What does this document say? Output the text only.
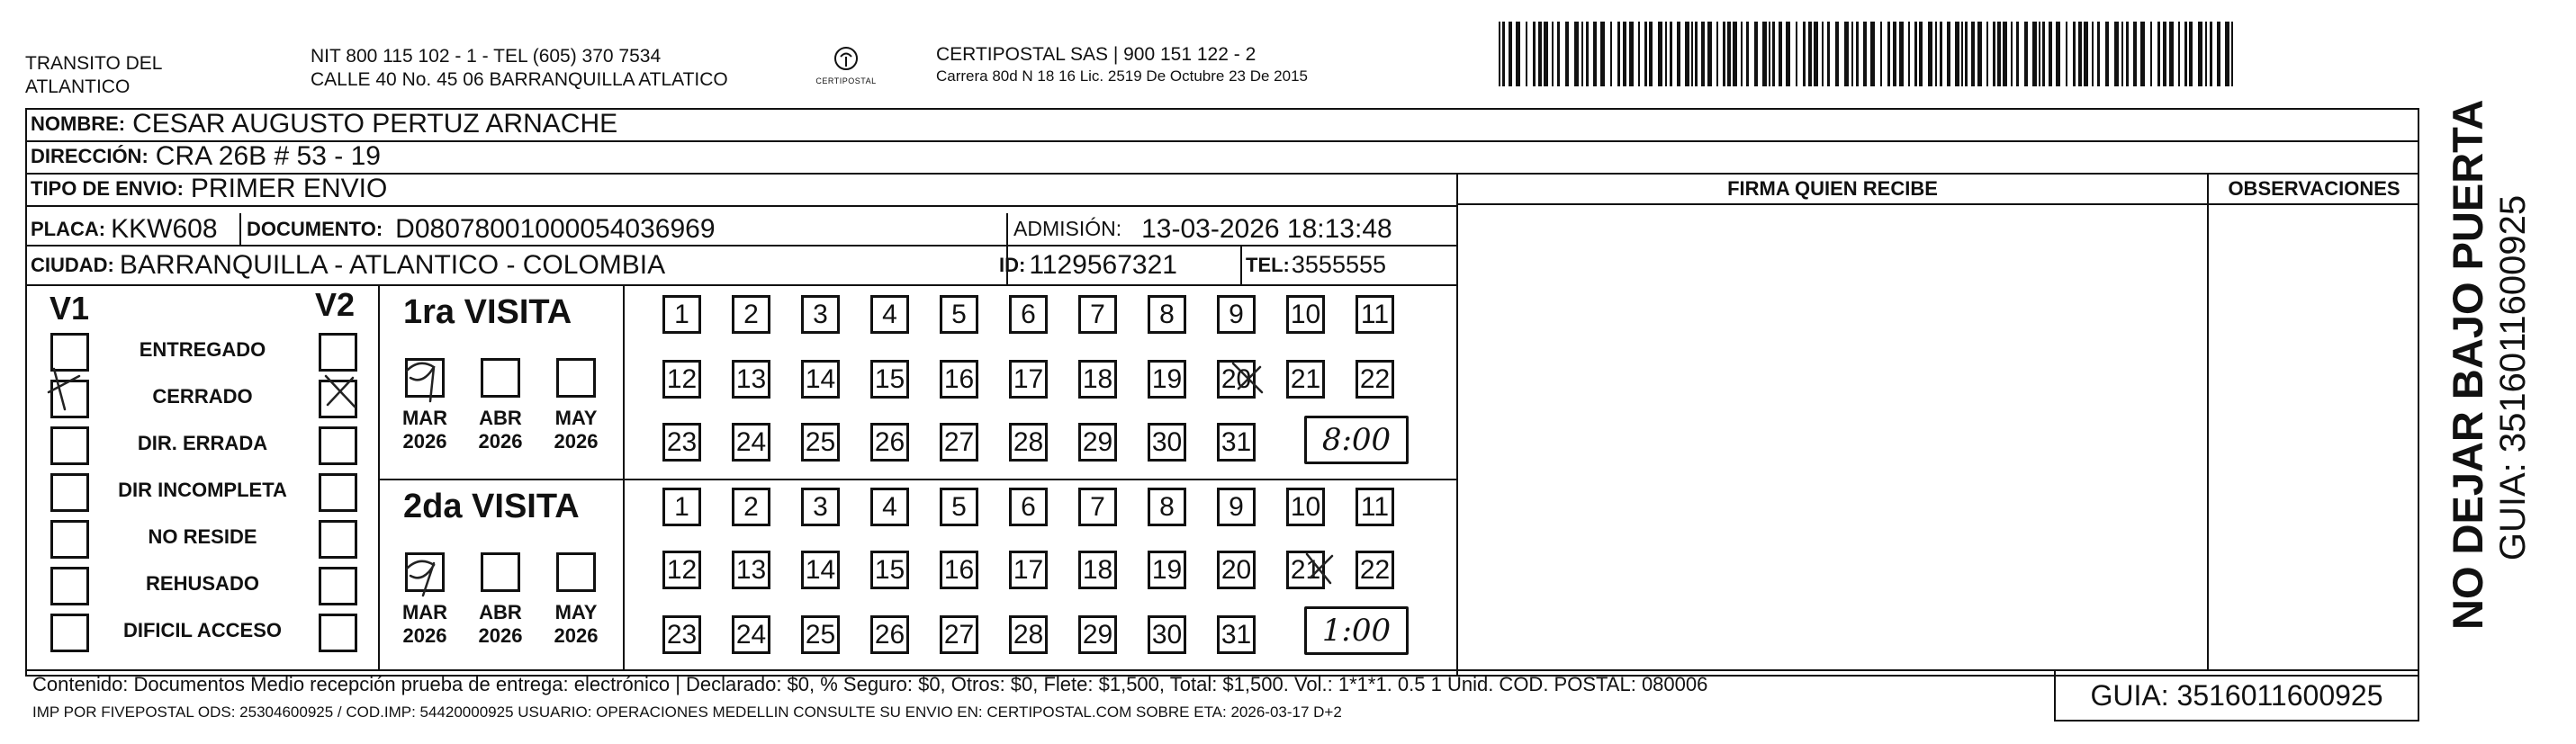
TRANSITO DEL
ATLANTICO
NIT 800 115 102 - 1 - TEL (605) 370 7534
CALLE 40 No. 45 06 BARRANQUILLA ATLATICO	CERTIPOSTAL
CERTIPOSTAL SAS | 900 151 122 - 2
Carrera 80d N 18 16 Lic. 2519 De Octubre 23 De 2015
NOMBRE: CESAR AUGUSTO PERTUZ ARNACHE
DIRECCIÓN: CRA 26B # 53 - 19
TIPO DE ENVIO: PRIMER ENVIO	FIRMA QUIEN RECIBE	OBSERVACIONES
PLACA: KKW608 DOCUMENTO: D08078001000054036969	ADMISIÓN: 13-03-2026 18:13:48
CIUDAD: BARRANQUILLA - ATLANTICO - COLOMBIA	ID: 1129567321	TEL: 3555555
V1	V2
ENTREGADO
CERRADO
DIR. ERRADA
DIR INCOMPLETA
NO RESIDE
REHUSADO
DIFICIL ACCESO
1ra VISITA
2da VISITA
MAR
2026
ABR
2026
MAY
2026
MAR
2026
ABR
2026
MAY
2026
1	2	3	4	5	6	7	8	9	10 11
12 13 14 15 16 17 18 19 20 21 22
23 24 25 26 27 28 29 30 31
1	2	3	4	5	6	7	8	9	10 11
12 13 14 15 16 17 18 19 20 21 22
23 24 25 26 27 28 29 30 31
8:00
1:00
Contenido: Documentos Medio recepción prueba de entrega: electrónico | Declarado: $0, % Seguro: $0, Otros: $0, Flete: $1,500, Total: $1,500. Vol.: 1*1*1. 0.5 1 Unid. COD. POSTAL: 080006
IMP POR FIVEPOSTAL ODS: 25304600925 / COD.IMP: 54420000925 USUARIO: OPERACIONES MEDELLIN CONSULTE SU ENVIO EN: CERTIPOSTAL.COM SOBRE ETA: 2026-03-17 D+2
GUIA: 3516011600925
NO DEJAR BAJO PUERTA GUIA: 3516011600925
